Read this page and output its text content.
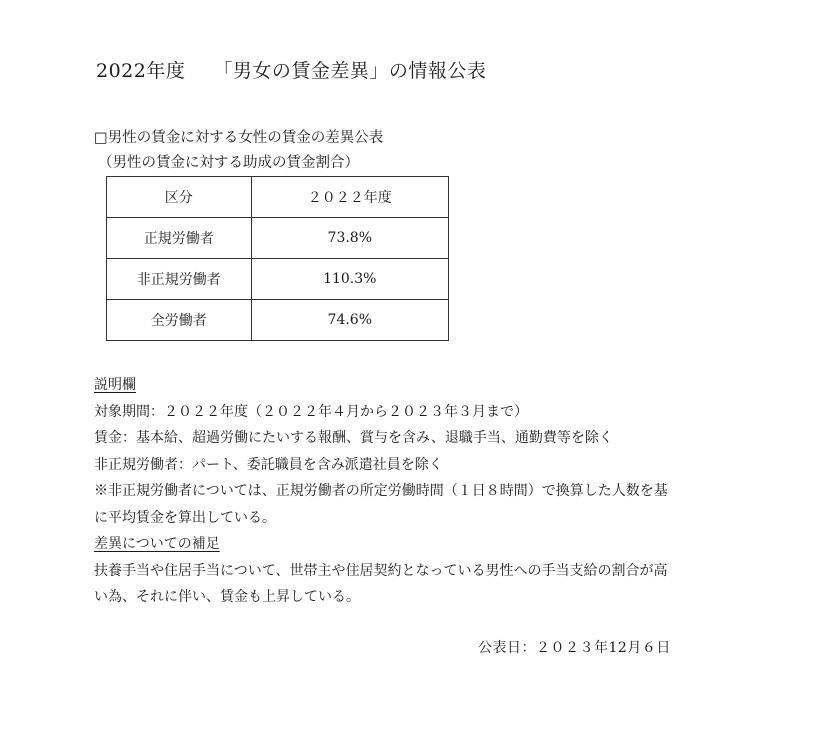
2022年度 「男女の賃金差異」の情報公表
□男性の賃金に対する女性の賃金の差異公表
（男性の賃金に対する助成の賃金割合）
区分	２０２２年度
正規労働者	73.8%
非正規労働者	110.3%
全労働者	74.6%
説明欄
対象期間：２０２２年度（２０２２年４月から２０２３年３月まで）
賃金：基本給、超過労働にたいする報酬、賞与を含み、退職手当、通勤費等を除く
非正規労働者：パート、委託職員を含み派遣社員を除く
※非正規労働者については、正規労働者の所定労働時間（１日８時間）で換算した人数を基
に平均賃金を算出している。
差異についての補足
扶養手当や住居手当について、世帯主や住居契約となっている男性への手当支給の割合が高
い為、それに伴い、賃金も上昇している。
公表日：２０２３年12月６日
